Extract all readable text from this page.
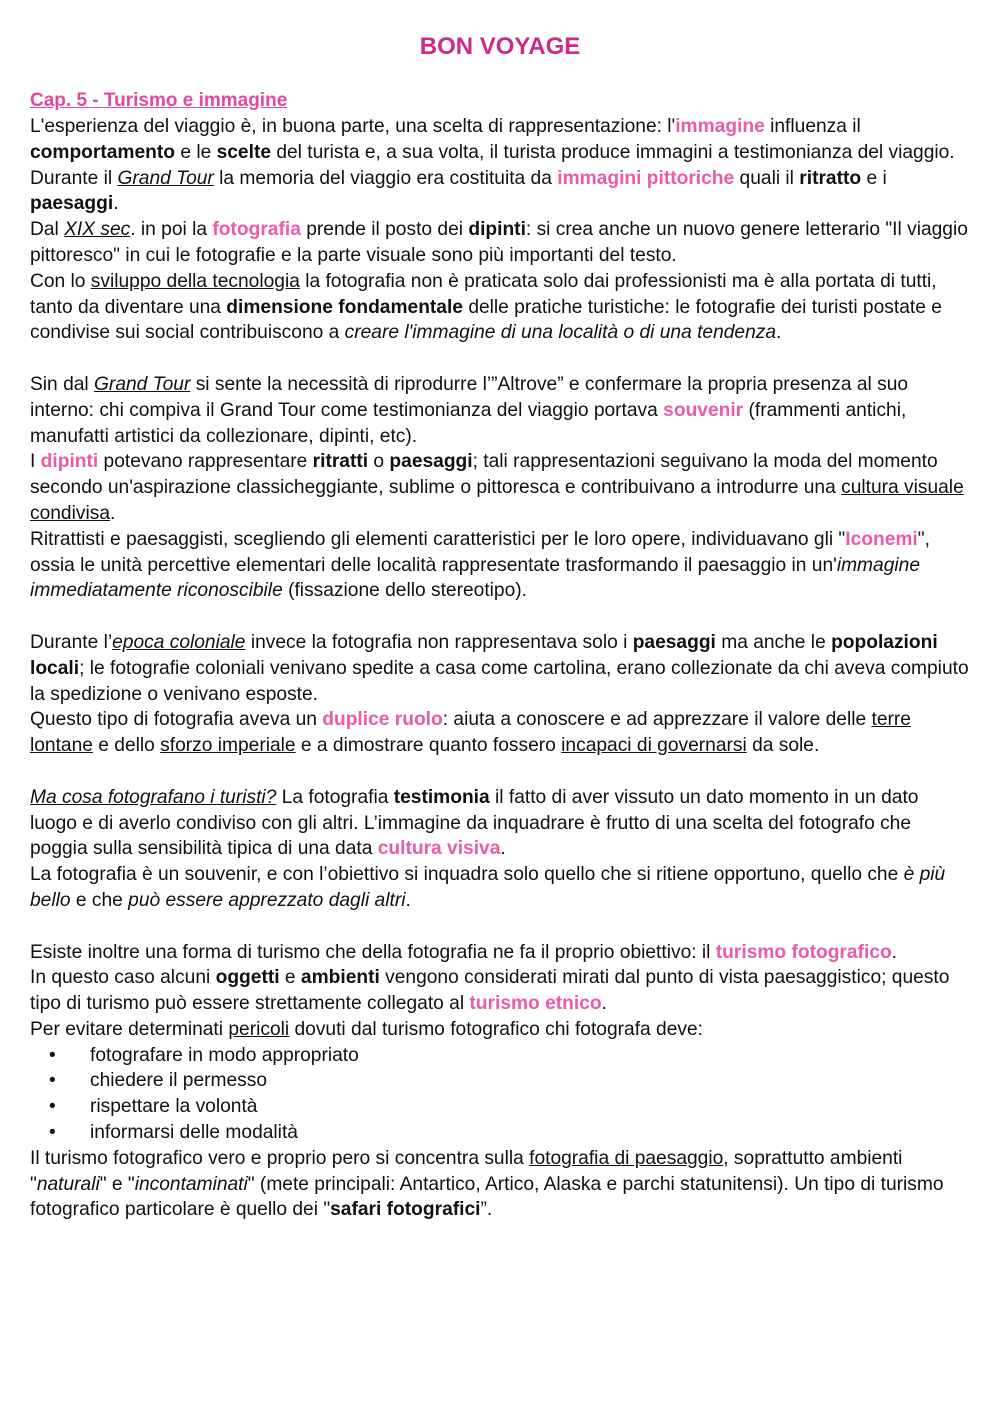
BON VOYAGE
Cap. 5 - Turismo e immagine

L'esperienza del viaggio è, in buona parte, una scelta di rappresentazione: l'immagine influenza il comportamento e le scelte del turista e, a sua volta, il turista produce immagini a testimonianza del viaggio.

Durante il Grand Tour la memoria del viaggio era costituita da immagini pittoriche quali il ritratto e i paesaggi.

Dal XIX sec. in poi la fotografia prende il posto dei dipinti: si crea anche un nuovo genere letterario "Il viaggio pittoresco" in cui le fotografie e la parte visuale sono più importanti del testo.

Con lo sviluppo della tecnologia la fotografia non è praticata solo dai professionisti ma è alla portata di tutti, tanto da diventare una dimensione fondamentale delle pratiche turistiche: le fotografie dei turisti postate e condivise sui social contribuiscono a creare l'immagine di una località o di una tendenza.

Sin dal Grand Tour si sente la necessità di riprodurre l’”Altrove” e confermare la propria presenza al suo interno: chi compiva il Grand Tour come testimonianza del viaggio portava souvenir (frammenti antichi, manufatti artistici da collezionare, dipinti, etc).

I dipinti potevano rappresentare ritratti o paesaggi; tali rappresentazioni seguivano la moda del momento secondo un'aspirazione classicheggiante, sublime o pittoresca e contribuivano a introdurre una cultura visuale condivisa.

Ritrattisti e paesaggisti, scegliendo gli elementi caratteristici per le loro opere, individuavano gli "Iconemi", ossia le unità percettive elementari delle località rappresentate trasformando il paesaggio in un'immagine immediatamente riconoscibile (fissazione dello stereotipo).

Durante l’epoca coloniale invece la fotografia non rappresentava solo i paesaggi ma anche le popolazioni locali; le fotografie coloniali venivano spedite a casa come cartolina, erano collezionate da chi aveva compiuto la spedizione o venivano esposte.

Questo tipo di fotografia aveva un duplice ruolo: aiuta a conoscere e ad apprezzare il valore delle terre lontane e dello sforzo imperiale e a dimostrare quanto fossero incapaci di governarsi da sole.

Ma cosa fotografano i turisti? La fotografia testimonia il fatto di aver vissuto un dato momento in un dato luogo e di averlo condiviso con gli altri. L’immagine da inquadrare è frutto di una scelta del fotografo che poggia sulla sensibilità tipica di una data cultura visiva.

La fotografia è un souvenir, e con l’obiettivo si inquadra solo quello che si ritiene opportuno, quello che è più bello e che può essere apprezzato dagli altri.

Esiste inoltre una forma di turismo che della fotografia ne fa il proprio obiettivo: il turismo fotografico.

In questo caso alcuni oggetti e ambienti vengono considerati mirati dal punto di vista paesaggistico; questo tipo di turismo può essere strettamente collegato al turismo etnico.

Per evitare determinati pericoli dovuti dal turismo fotografico chi fotografa deve:

• fotografare in modo appropriato
• chiedere il permesso
• rispettare la volontà
• informarsi delle modalità

Il turismo fotografico vero e proprio pero si concentra sulla fotografia di paesaggio, soprattutto ambienti "naturali" e "incontaminati" (mete principali: Antartico, Artico, Alaska e parchi statunitensi). Un tipo di turismo fotografico particolare è quello dei "safari fotografici”.
